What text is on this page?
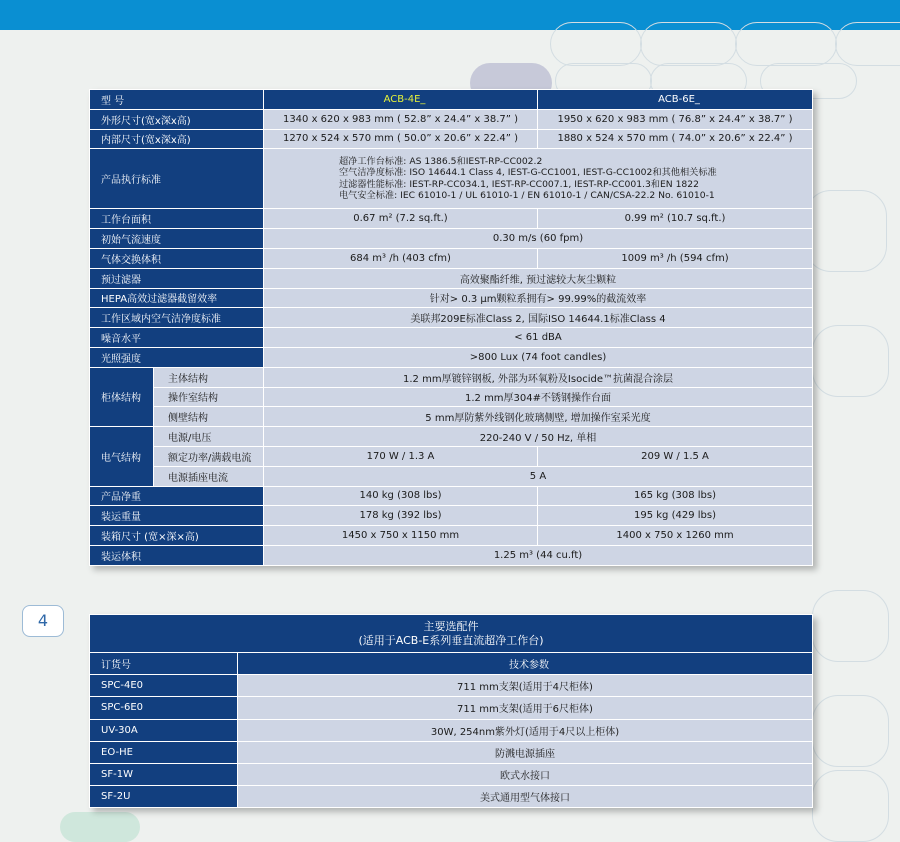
型 号		ACB-4E_	ACB-6E_
外形尺寸(宽x深x高)		1340 x 620 x 983 mm ( 52.8” x 24.4” x 38.7” )	1950 x 620 x 983 mm ( 76.8” x 24.4” x 38.7” )
内部尺寸(宽x深x高)		1270 x 524 x 570 mm ( 50.0” x 20.6” x 22.4” )	1880 x 524 x 570 mm ( 74.0” x 20.6” x 22.4” )
产品执行标准		超净工作台标准: AS 1386.5和IEST-RP-CC002.2
空气洁净度标准: ISO 14644.1 Class 4, IEST-G-CC1001, IEST-G-CC1002和其他相关标准
过滤器性能标准: IEST-RP-CC034.1, IEST-RP-CC007.1, IEST-RP-CC001.3和EN 1822
电气安全标准: IEC 61010-1 / UL 61010-1 / EN 61010-1 / CAN/CSA-22.2 No. 61010-1	

工作台面积		0.67 m² (7.2 sq.ft.)	0.99 m² (10.7 sq.ft.)
初始气流速度		0.30 m/s (60 fpm)	
气体交换体积		684 m³ /h (403 cfm)	1009 m³ /h (594 cfm)
预过滤器		高效聚酯纤维, 预过滤较大灰尘颗粒	
HEPA高效过滤器截留效率		针对> 0.3 µm颗粒系拥有> 99.99%的截流效率	
工作区域内空气洁净度标准		美联邦209E标准Class 2, 国际ISO 14644.1标准Class 4	
噪音水平		< 61 dBA	
光照强度		>800 Lux (74 foot candles)	
柜体结构	主体结构	1.2 mm厚镀锌钢板, 外部为环氧粉及Isocide™抗菌混合涂层	
	操作室结构	1.2 mm厚304#不锈钢操作台面	
	侧壁结构	5 mm厚防紫外线钢化玻璃侧壁, 增加操作室采光度	
电气结构	电源/电压	220-240 V / 50 Hz, 单相	
	额定功率/满载电流	170 W / 1.3 A	209 W / 1.5 A
	电源插座电流	5 A	
产品净重		140 kg (308 lbs)	165 kg (308 lbs)
装运重量		178 kg (392 lbs)	195 kg (429 lbs)
装箱尺寸 (宽×深×高)		1450 x 750 x 1150 mm	1400 x 750 x 1260 mm
装运体积		1.25 m³ (44 cu.ft)	
4	主要选配件
(适用于ACB-E系列垂直流超净工作台)	

订货号	技术参数
SPC-4E0	711 mm支架(适用于4尺柜体)
SPC-6E0	711 mm支架(适用于6尺柜体)
UV-30A	30W, 254nm紫外灯(适用于4尺以上柜体)
EO-HE	防溅电源插座
SF-1W	欧式水接口
SF-2U	美式通用型气体接口
